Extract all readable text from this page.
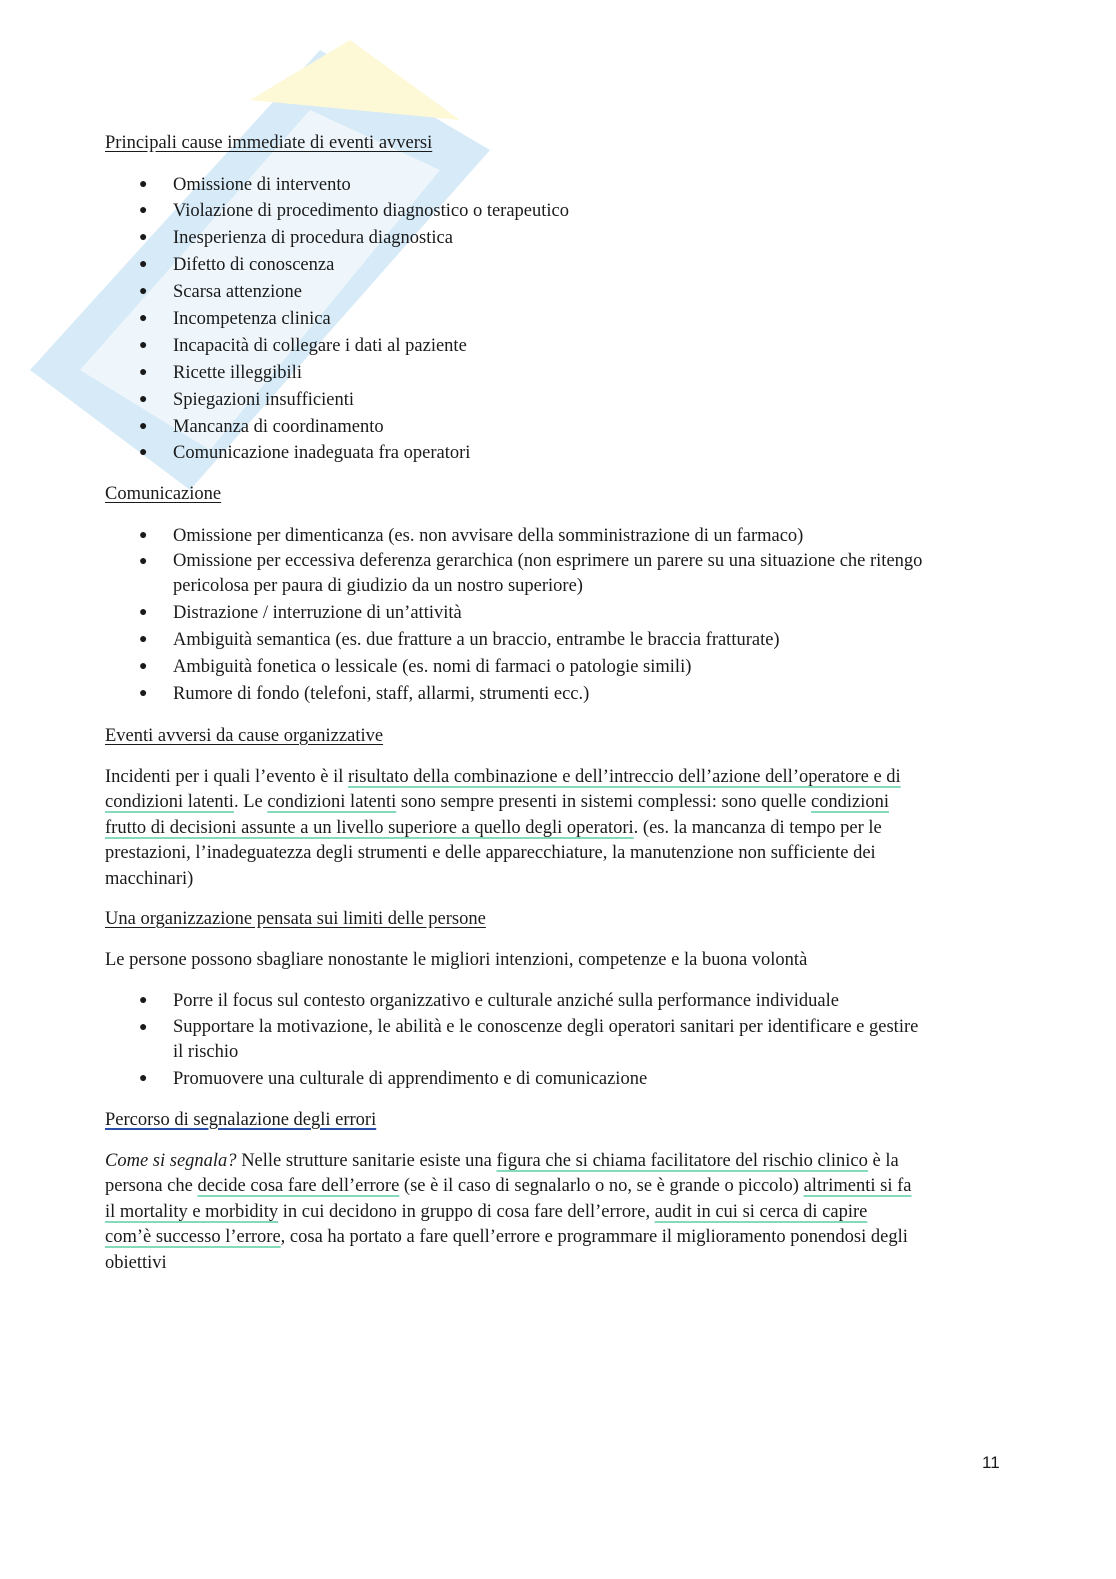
Principali cause immediate di eventi avversi
● Omissione di intervento
● Violazione di procedimento diagnostico o terapeutico
● Inesperienza di procedura diagnostica
● Difetto di conoscenza
● Scarsa attenzione
● Incompetenza clinica
● Incapacità di collegare i dati al paziente
● Ricette illeggibili
● Spiegazioni insufficienti
● Mancanza di coordinamento
● Comunicazione inadeguata fra operatori
Comunicazione
● Omissione per dimenticanza (es. non avvisare della somministrazione di un farmaco)
● Omissione per eccessiva deferenza gerarchica (non esprimere un parere su una situazione che ritengo
pericolosa per paura di giudizio da un nostro superiore)
● Distrazione / interruzione di un’attività
● Ambiguità semantica (es. due fratture a un braccio, entrambe le braccia fratturate)
● Ambiguità fonetica o lessicale (es. nomi di farmaci o patologie simili)
● Rumore di fondo (telefoni, staff, allarmi, strumenti ecc.)
Eventi avversi da cause organizzative
Incidenti per i quali l’evento è il risultato della combinazione e dell’intreccio dell’azione dell’operatore e di
condizioni latenti. Le condizioni latenti sono sempre presenti in sistemi complessi: sono quelle condizioni
frutto di decisioni assunte a un livello superiore a quello degli operatori. (es. la mancanza di tempo per le
prestazioni, l’inadeguatezza degli strumenti e delle apparecchiature, la manutenzione non sufficiente dei
macchinari)
Una organizzazione pensata sui limiti delle persone
Le persone possono sbagliare nonostante le migliori intenzioni, competenze e la buona volontà
● Porre il focus sul contesto organizzativo e culturale anziché sulla performance individuale
● Supportare la motivazione, le abilità e le conoscenze degli operatori sanitari per identificare e gestire
il rischio
● Promuovere una culturale di apprendimento e di comunicazione
Percorso di segnalazione degli errori
Come si segnala? Nelle strutture sanitarie esiste una figura che si chiama facilitatore del rischio clinico è la
persona che decide cosa fare dell’errore (se è il caso di segnalarlo o no, se è grande o piccolo) altrimenti si fa
il mortality e morbidity in cui decidono in gruppo di cosa fare dell’errore, audit in cui si cerca di capire
com’è successo l’errore, cosa ha portato a fare quell’errore e programmare il miglioramento ponendosi degli
obiettivi
11
